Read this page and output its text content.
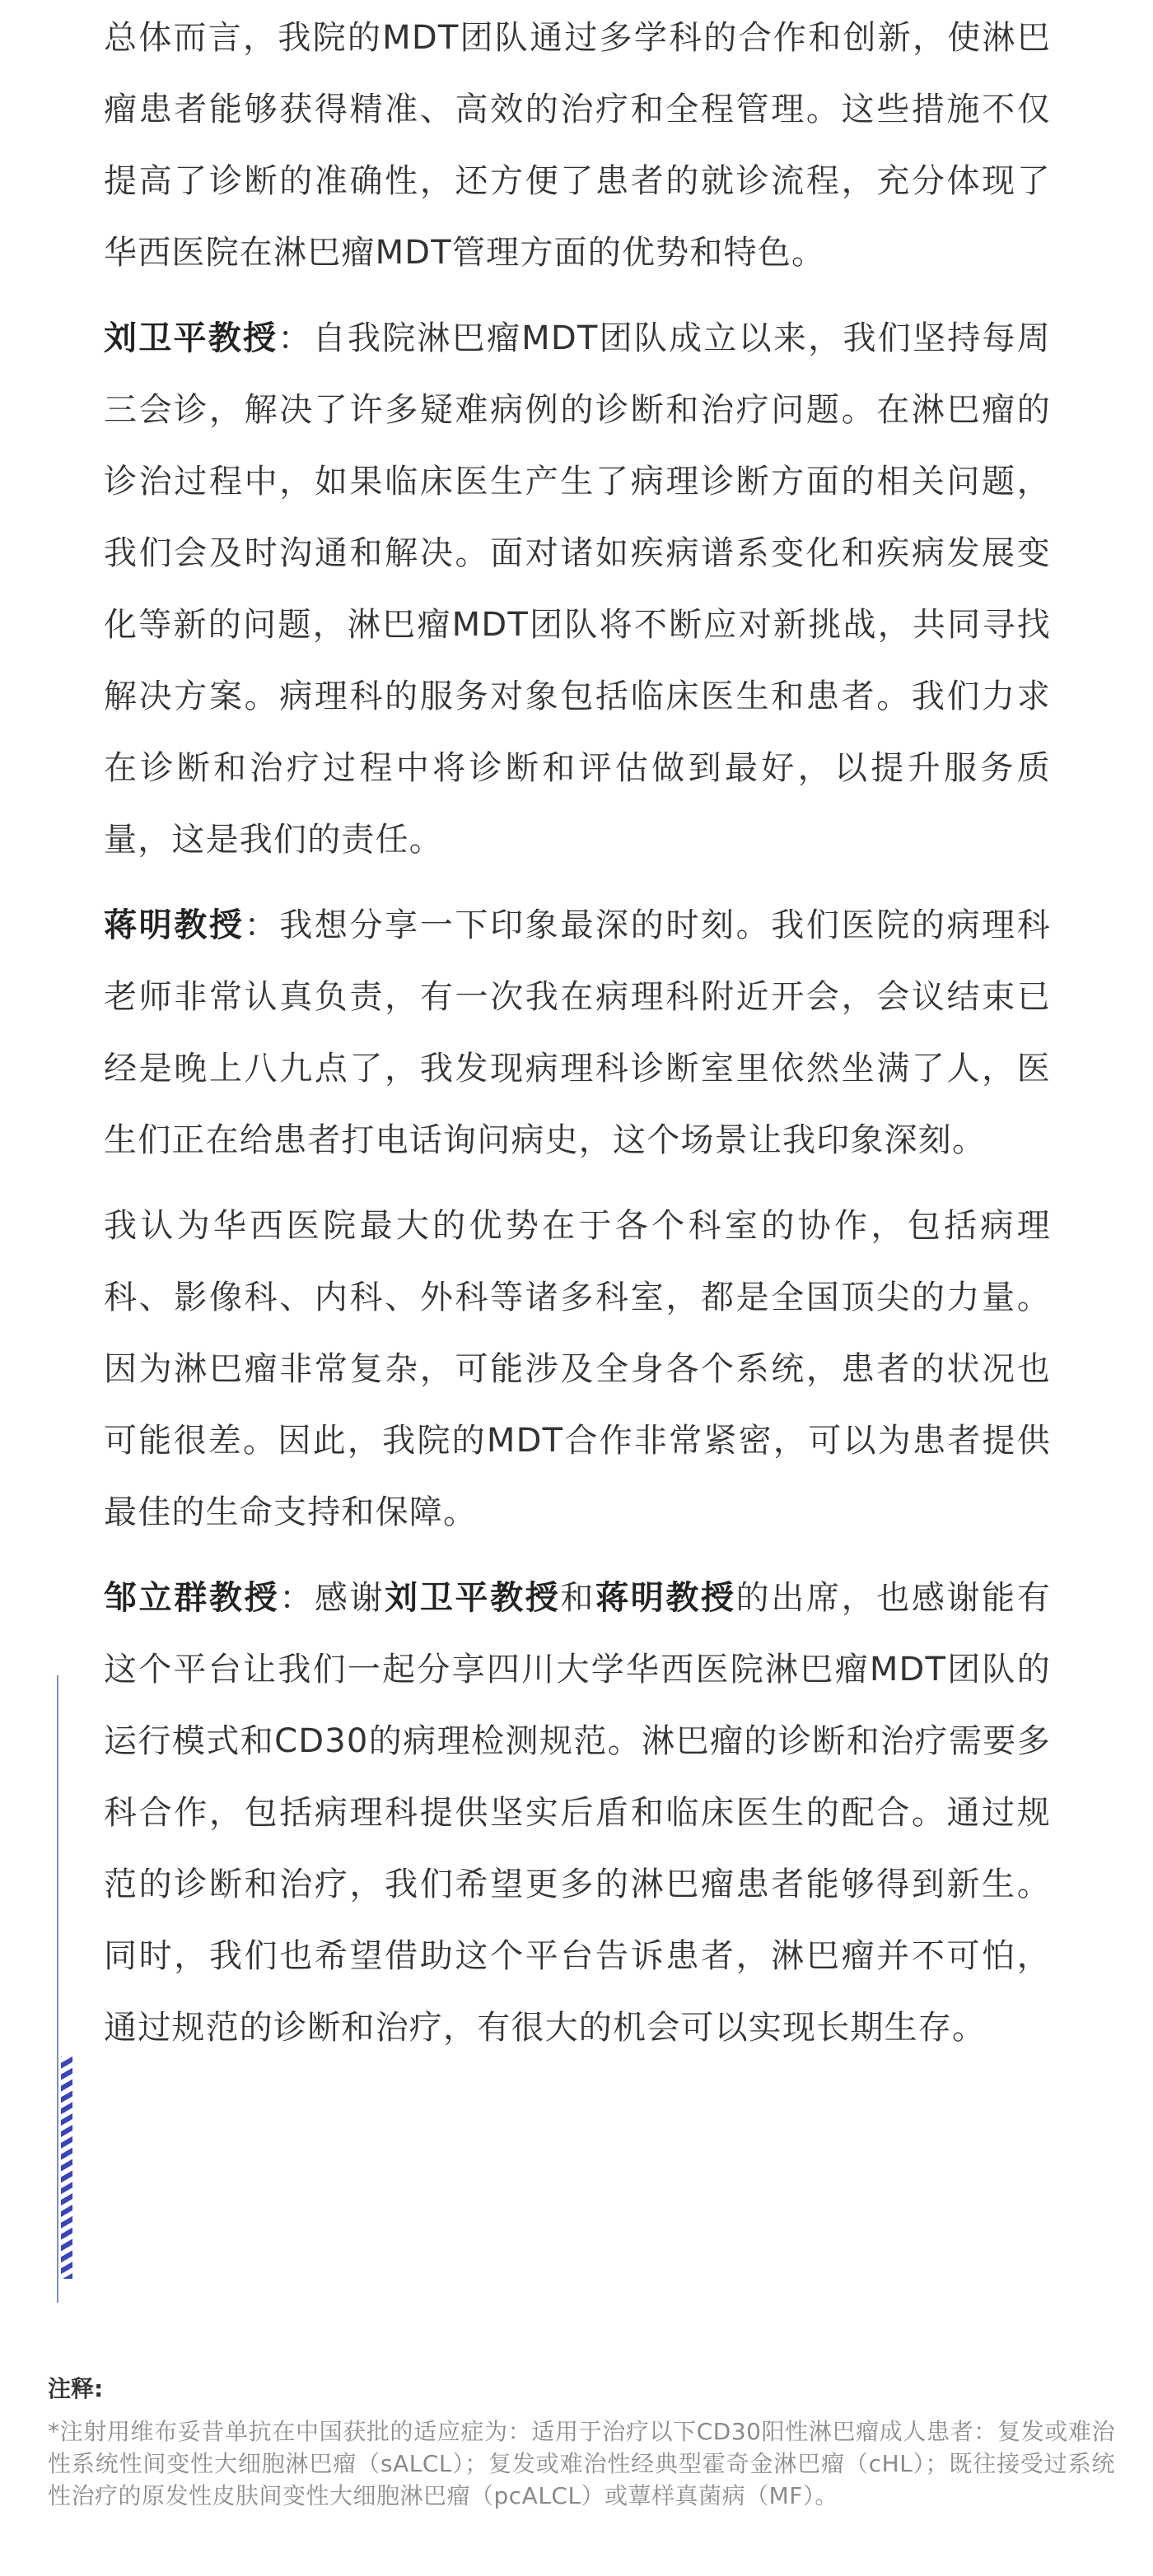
总体而言，我院的MDT团队通过多学科的合作和创新，使淋巴瘤患者能够获得精准、高效的治疗和全程管理。这些措施不仅提高了诊断的准确性，还方便了患者的就诊流程，充分体现了华西医院在淋巴瘤MDT管理方面的优势和特色。

刘卫平教授：自我院淋巴瘤MDT团队成立以来，我们坚持每周三会诊，解决了许多疑难病例的诊断和治疗问题。在淋巴瘤的诊治过程中，如果临床医生产生了病理诊断方面的相关问题，我们会及时沟通和解决。面对诸如疾病谱系变化和疾病发展变化等新的问题，淋巴瘤MDT团队将不断应对新挑战，共同寻找解决方案。病理科的服务对象包括临床医生和患者。我们力求在诊断和治疗过程中将诊断和评估做到最好，以提升服务质量，这是我们的责任。

蒋明教授：我想分享一下印象最深的时刻。我们医院的病理科老师非常认真负责，有一次我在病理科附近开会，会议结束已经是晚上八九点了，我发现病理科诊断室里依然坐满了人，医生们正在给患者打电话询问病史，这个场景让我印象深刻。

我认为华西医院最大的优势在于各个科室的协作，包括病理科、影像科、内科、外科等诸多科室，都是全国顶尖的力量。因为淋巴瘤非常复杂，可能涉及全身各个系统，患者的状况也可能很差。因此，我院的MDT合作非常紧密，可以为患者提供最佳的生命支持和保障。

邹立群教授：感谢刘卫平教授和蒋明教授的出席，也感谢能有这个平台让我们一起分享四川大学华西医院淋巴瘤MDT团队的运行模式和CD30的病理检测规范。淋巴瘤的诊断和治疗需要多科合作，包括病理科提供坚实后盾和临床医生的配合。通过规范的诊断和治疗，我们希望更多的淋巴瘤患者能够得到新生。同时，我们也希望借助这个平台告诉患者，淋巴瘤并不可怕，通过规范的诊断和治疗，有很大的机会可以实现长期生存。

注释:

*注射用维布妥昔单抗在中国获批的适应症为：适用于治疗以下CD30阳性淋巴瘤成人患者：复发或难治性系统性间变性大细胞淋巴瘤（sALCL）；复发或难治性经典型霍奇金淋巴瘤（cHL）；既往接受过系统性治疗的原发性皮肤间变性大细胞淋巴瘤（pcALCL）或蕈样真菌病（MF）。
